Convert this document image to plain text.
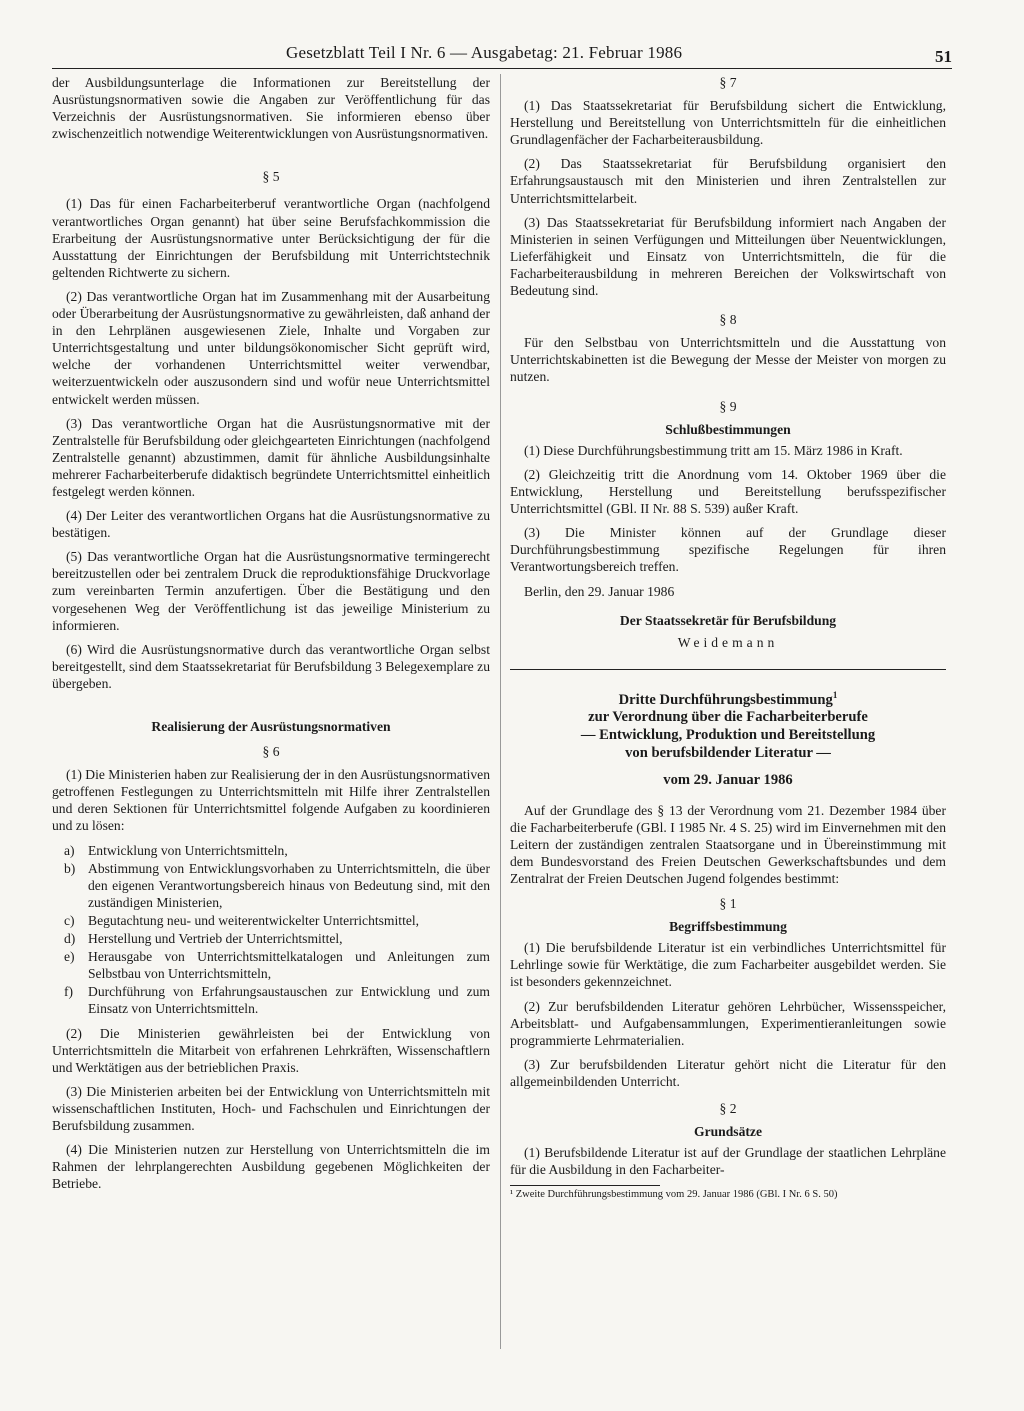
Gesetzblatt Teil I Nr. 6 — Ausgabetag: 21. Februar 1986	51

der Ausbildungsunterlage die Informationen zur Bereitstellung der Ausrüstungsnormativen sowie die Angaben zur Veröffentlichung für das Verzeichnis der Ausrüstungsnormativen. Sie informieren ebenso über zwischenzeitlich notwendige Weiterentwicklungen von Ausrüstungsnormativen.

§ 5

(1) Das für einen Facharbeiterberuf verantwortliche Organ (nachfolgend verantwortliches Organ genannt) hat über seine Berufsfachkommission die Erarbeitung der Ausrüstungsnormative unter Berücksichtigung der für die Ausstattung der Einrichtungen der Berufsbildung mit Unterrichtstechnik geltenden Richtwerte zu sichern.

(2) Das verantwortliche Organ hat im Zusammenhang mit der Ausarbeitung oder Überarbeitung der Ausrüstungsnormative zu gewährleisten, daß anhand der in den Lehrplänen ausgewiesenen Ziele, Inhalte und Vorgaben zur Unterrichtsgestaltung und unter bildungsökonomischer Sicht geprüft wird, welche der vorhandenen Unterrichtsmittel weiter verwendbar, weiterzuentwickeln oder auszusondern sind und wofür neue Unterrichtsmittel entwickelt werden müssen.

(3) Das verantwortliche Organ hat die Ausrüstungsnormative mit der Zentralstelle für Berufsbildung oder gleichgearteten Einrichtungen (nachfolgend Zentralstelle genannt) abzustimmen, damit für ähnliche Ausbildungsinhalte mehrerer Facharbeiterberufe didaktisch begründete Unterrichtsmittel einheitlich festgelegt werden können.

(4) Der Leiter des verantwortlichen Organs hat die Ausrüstungsnormative zu bestätigen.

(5) Das verantwortliche Organ hat die Ausrüstungsnormative termingerecht bereitzustellen oder bei zentralem Druck die reproduktionsfähige Druckvorlage zum vereinbarten Termin anzufertigen. Über die Bestätigung und den vorgesehenen Weg der Veröffentlichung ist das jeweilige Ministerium zu informieren.

(6) Wird die Ausrüstungsnormative durch das verantwortliche Organ selbst bereitgestellt, sind dem Staatssekretariat für Berufsbildung 3 Belegexemplare zu übergeben.

Realisierung der Ausrüstungsnormativen
§ 6

(1) Die Ministerien haben zur Realisierung der in den Ausrüstungsnormativen getroffenen Festlegungen zu Unterrichtsmitteln mit Hilfe ihrer Zentralstellen und deren Sektionen für Unterrichtsmittel folgende Aufgaben zu koordinieren und zu lösen:

a) Entwicklung von Unterrichtsmitteln,
b) Abstimmung von Entwicklungsvorhaben zu Unterrichtsmitteln, die über den eigenen Verantwortungsbereich hinaus von Bedeutung sind, mit den zuständigen Ministerien,
c) Begutachtung neu- und weiterentwickelter Unterrichtsmittel,
d) Herstellung und Vertrieb der Unterrichtsmittel,
e) Herausgabe von Unterrichtsmittelkatalogen und Anleitungen zum Selbstbau von Unterrichtsmitteln,
f)	Durchführung von Erfahrungsaustauschen zur Entwicklung und zum Einsatz von Unterrichtsmitteln.

(2) Die Ministerien gewährleisten bei der Entwicklung von Unterrichtsmitteln die Mitarbeit von erfahrenen Lehrkräften, Wissenschaftlern und Werktätigen aus der betrieblichen Praxis.

(3) Die Ministerien arbeiten bei der Entwicklung von Unterrichtsmitteln mit wissenschaftlichen Instituten, Hoch- und Fachschulen und Einrichtungen der Berufsbildung zusammen.

(4) Die Ministerien nutzen zur Herstellung von Unterrichtsmitteln die im Rahmen der lehrplangerechten Ausbildung gegebenen Möglichkeiten der Betriebe.

§ 7

(1) Das Staatssekretariat für Berufsbildung sichert die Entwicklung, Herstellung und Bereitstellung von Unterrichtsmitteln für die einheitlichen Grundlagenfächer der Facharbeiterausbildung.

(2) Das Staatssekretariat für Berufsbildung organisiert den Erfahrungsaustausch mit den Ministerien und ihren Zentralstellen zur Unterrichtsmittelarbeit.

(3) Das Staatssekretariat für Berufsbildung informiert nach Angaben der Ministerien in seinen Verfügungen und Mitteilungen über Neuentwicklungen, Lieferfähigkeit und Einsatz von Unterrichtsmitteln, die für die Facharbeiterausbildung in mehreren Bereichen der Volkswirtschaft von Bedeutung sind.

§ 8

Für den Selbstbau von Unterrichtsmitteln und die Ausstattung von Unterrichtskabinetten ist die Bewegung der Messe der Meister von morgen zu nutzen.

§ 9
Schlußbestimmungen

(1) Diese Durchführungsbestimmung tritt am 15. März 1986 in Kraft.

(2) Gleichzeitig tritt die Anordnung vom 14. Oktober 1969 über die Entwicklung, Herstellung und Bereitstellung berufsspezifischer Unterrichtsmittel (GBl. II Nr. 88 S. 539) außer Kraft.

(3) Die Minister können auf der Grundlage dieser Durchführungsbestimmung spezifische Regelungen für ihren Verantwortungsbereich treffen.

Berlin, den 29. Januar 1986
Der Staatssekretär für Berufsbildung
Weidemann
Dritte Durchführungsbestimmung$^1$
zur Verordnung über die Facharbeiterberufe
— Entwicklung, Produktion und Bereitstellung
von berufsbildender Literatur —
vom 29. Januar 1986

Auf der Grundlage des § 13 der Verordnung vom 21. Dezember 1984 über die Facharbeiterberufe (GBl. I 1985 Nr. 4 S. 25) wird im Einvernehmen mit den Leitern der zuständigen zentralen Staatsorgane und in Übereinstimmung mit dem Bundesvorstand des Freien Deutschen Gewerkschaftsbundes und dem Zentralrat der Freien Deutschen Jugend folgendes bestimmt:

§ 1
Begriffsbestimmung

(1) Die berufsbildende Literatur ist ein verbindliches Unterrichtsmittel für Lehrlinge sowie für Werktätige, die zum Facharbeiter ausgebildet werden. Sie ist besonders gekennzeichnet.

(2) Zur berufsbildenden Literatur gehören Lehrbücher, Wissensspeicher, Arbeitsblatt- und Aufgabensammlungen, Experimentieranleitungen sowie programmierte Lehrmaterialien.

(3) Zur berufsbildenden Literatur gehört nicht die Literatur für den allgemeinbildenden Unterricht.

§ 2
Grundsätze

(1) Berufsbildende Literatur ist auf der Grundlage der staatlichen Lehrpläne für die Ausbildung in den Facharbeiter-

¹ Zweite Durchführungsbestimmung vom 29. Januar 1986 (GBl. I Nr. 6 S. 50)
